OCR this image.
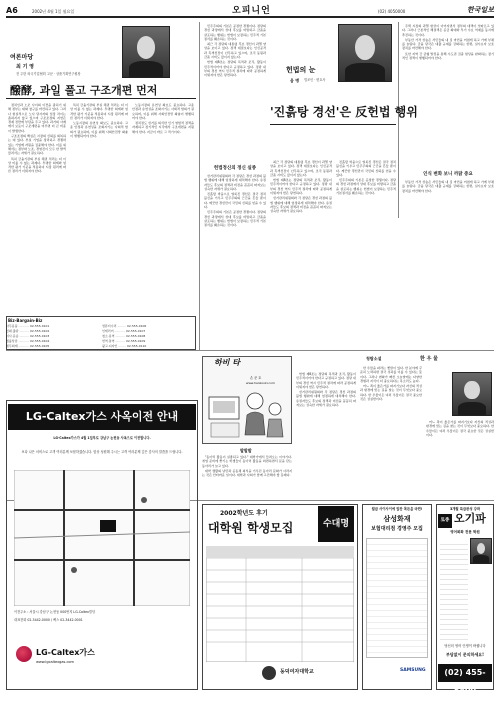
A6	2002년 4월 1일 월요일	오피니언	(02) 4050000	한국일보
여론마당
최 기 영
전 주한 외국기업협회 고문 · 상품기획연구원장
醱酵, 과일 풀고 구조개편 먼저

정치인과 노조 사이의 이견을 좁히기 위해 정부는 대화 창구를 마련하고 있다. 그러나 현실적으로 노사 당사자의 입장 차이는 좁혀지지 않고 있으며 구조조정의 지연은 경제 전반에 부담을 주고 있다. 과거의 사례에서 보듯이 구조개편을 미루면 더 큰 비용이 발생한다.

구조조정의 핵심은 시장의 신뢰를 회복하는 데 있다. 부실 기업을 정리하고 경쟁력 있는 기업에 자원을 집중해야 한다. 이를 위해서는 정부와 노조, 경영진이 모두 한 발씩 물러서는 자세가 필요하다.

특히 금융기관의 부실 채권 처리는 더 이상 미룰 수 없는 과제다. 투명한 회계와 엄격한 평가 기준을 적용하여 시장 원리에 따른 정리가 이뤄져야 한다.

특히 금융기관의 부실 채권 처리는 더 이상 미룰 수 없는 과제다. 투명한 회계와 엄격한 평가 기준을 적용하여 시장 원리에 따른 정리가 이뤄져야 한다.

노동시장의 유연성 확보도 중요하다. 고용 안정과 유연성을 조화시키는 사회적 합의가 필요하며, 이를 위해 사회안전망 확충이 병행되어야 한다.

노동시장의 유연성 확보도 중요하다. 고용 안정과 유연성을 조화시키는 사회적 합의가 필요하며, 이를 위해 사회안전망 확충이 병행되어야 한다.

정치권도 선거를 의식한 인기 영합적 정책을 자제하고 장기적인 시각에서 구조개편을 지원해야 한다. 지금이 바로 그 적기이다.

Biz-Bargain-Biz
사무용품 ··········· 02-555-0101
인쇄·출판 ·········· 02-555-0102
이사·운송 ·········· 02-555-0103
법률상담 ··········· 02-555-0104
세무회계 ··········· 02-555-0105
컴퓨터수리 ········· 02-555-0106
인테리어 ··········· 02-555-0107
청소·용역 ·········· 02-555-0108
번역·통역 ·········· 02-555-0109
광고·디자인 ········ 02-555-0110

민주주의의 기본은 공정한 경쟁이다. 정당의 경선 과정에서 상대 후보를 비방하고 금품을 살포하는 행위는 헌법이 보장하는 민주적 기본질서를 훼손하는 것이다.

최근 각 정당의 대통령 후보 경선이 과열 양상을 보이고 있다. 정책 대결보다는 인신공격과 흑색선전이 난무하고 있으며, 조직 동원과 금품 시비도 끊이지 않는다.

헌법 제8조는 정당의 목적과 조직, 활동이 민주적이어야 한다고 규정하고 있다. 정당 내부의 경선 역시 민주적 절차에 따라 공정하게 이뤄져야 함은 당연하다.

헌법정신의 정신 실종

선거관리위원회와 각 정당은 경선 과정의 불법 행위에 대해 엄정하게 대처해야 한다. 유권자들도 후보의 정책과 비전을 꼼꼼히 따져보는 성숙한 자세가 필요하다.

진흙탕 싸움으로 얼룩진 경선은 결국 정치 불신을 키우고 민주주의의 근간을 흔들 뿐이다. 깨끗한 경선만이 국민의 신뢰를 얻을 수 있다.

민주주의의 기본은 공정한 경쟁이다. 정당의 경선 과정에서 상대 후보를 비방하고 금품을 살포하는 행위는 헌법이 보장하는 민주적 기본질서를 훼손하는 것이다.

헌법의 눈
음 병 법조인 · 변호사
'진흙탕 경선'은 反헌법 행위

최근 각 정당의 대통령 후보 경선이 과열 양상을 보이고 있다. 정책 대결보다는 인신공격과 흑색선전이 난무하고 있으며, 조직 동원과 금품 시비도 끊이지 않는다.

헌법 제8조는 정당의 목적과 조직, 활동이 민주적이어야 한다고 규정하고 있다. 정당 내부의 경선 역시 민주적 절차에 따라 공정하게 이뤄져야 함은 당연하다.

선거관리위원회와 각 정당은 경선 과정의 불법 행위에 대해 엄정하게 대처해야 한다. 유권자들도 후보의 정책과 비전을 꼼꼼히 따져보는 성숙한 자세가 필요하다.

진흙탕 싸움으로 얼룩진 경선은 결국 정치 불신을 키우고 민주주의의 근간을 흔들 뿐이다. 깨끗한 경선만이 국민의 신뢰를 얻을 수 있다.

민주주의의 기본은 공정한 경쟁이다. 정당의 경선 과정에서 상대 후보를 비방하고 금품을 살포하는 행위는 헌법이 보장하는 민주적 기본질서를 훼손하는 것이다.

주택 시장의 과열 현상이 이어지면서 정부의 대책이 잇따르고 있다. 그러나 근본적인 해결책은 공급 확대와 투기 수요 억제를 동시에 추진하는 것이다.

부동산 가격 상승은 서민들의 내 집 마련을 어렵게 하고 가계 부채를 늘린다. 금융 당국은 대출 규제를 강화하는 한편, 실수요자 보호 장치를 마련해야 한다.

또한 지역 간 균형 발전을 통해 수도권 집중 현상을 완화하는 장기적인 정책이 병행되어야 한다.

인식 변화 보니 까닭 중요

부동산 가격 상승은 서민들의 내 집 마련을 어렵게 하고 가계 부채를 늘린다. 금융 당국은 대출 규제를 강화하는 한편, 실수요자 보호 장치를 마련해야 한다.

하비 타
손 문 호
www.hankooki.com
발발발

"동아리 활동이 실종되고 있다." 대학가에서 들려오는 이야기다. 취업 준비에 쫓기는 학생들이 동아리 활동을 외면하면서 문을 닫는 동아리가 늘고 있다.

대학 생활의 낭만과 공동체 의식을 키우던 동아리 문화가 사라지는 것은 안타까운 일이다. 대학과 사회가 함께 고민해야 할 문제다.

헌법 제8조는 정당의 목적과 조직, 활동이 민주적이어야 한다고 규정하고 있다. 정당 내부의 경선 역시 민주적 절차에 따라 공정하게 이뤄져야 함은 당연하다.

선거관리위원회와 각 정당은 경선 과정의 불법 행위에 대해 엄정하게 대처해야 한다. 유권자들도 후보의 정책과 비전을 꼼꼼히 따져보는 성숙한 자세가 필요하다.

청탐소설	한 우 물

한 우물을 파라는 옛말이 있다. 한 분야에 꾸준히 노력하면 결국 성과를 이룰 수 있다는 뜻이다. 그러나 변화가 빠른 오늘날에는 다양한 경험과 지식이 더 중요하다는 목소리도 높다.

어느 쪽이 옳은가를 따지기보다 자신의 적성과 환경에 맞는 길을 찾는 것이 무엇보다 중요하다. 한 우물이든 여러 우물이든 결국 중요한 것은 성실함이다.

어느 쪽이 옳은가를 따지기보다 자신의 적성과 환경에 맞는 길을 찾는 것이 무엇보다 중요하다. 한 우물이든 여러 우물이든 결국 중요한 것은 성실함이다.

LG-Caltex가스 사옥이전 안내
LG-Caltex가스가 4월 1일부로 강남구 논현동 사옥으로 이전합니다.
보다 나은 서비스로 고객 여러분께 보답하겠습니다. 항상 성원해 주시는 고객 여러분께 깊은 감사의 말씀을 드립니다.
이전주소 : 서울시 강남구 논현동 000번지 LG-Caltex빌딩
대표전화 02-3442-0000 / 팩스 02-3442-0001
LG-Caltex가스
www.lgcaltexgas.com
2002학년도 후기
대학원 학생모집	수대명
동덕여자대학교
월급 사이사이에 알찬 목돈을 마련!
삼성화재
보험대리점 경영주 모집
SAMSUNG
3개월 특급완성 강좌
토종 오기파
영어회화 전문 학원
당신의 영어 인생이 바뀝니다
부담없이 문의하세요!
(02) 455-5800
